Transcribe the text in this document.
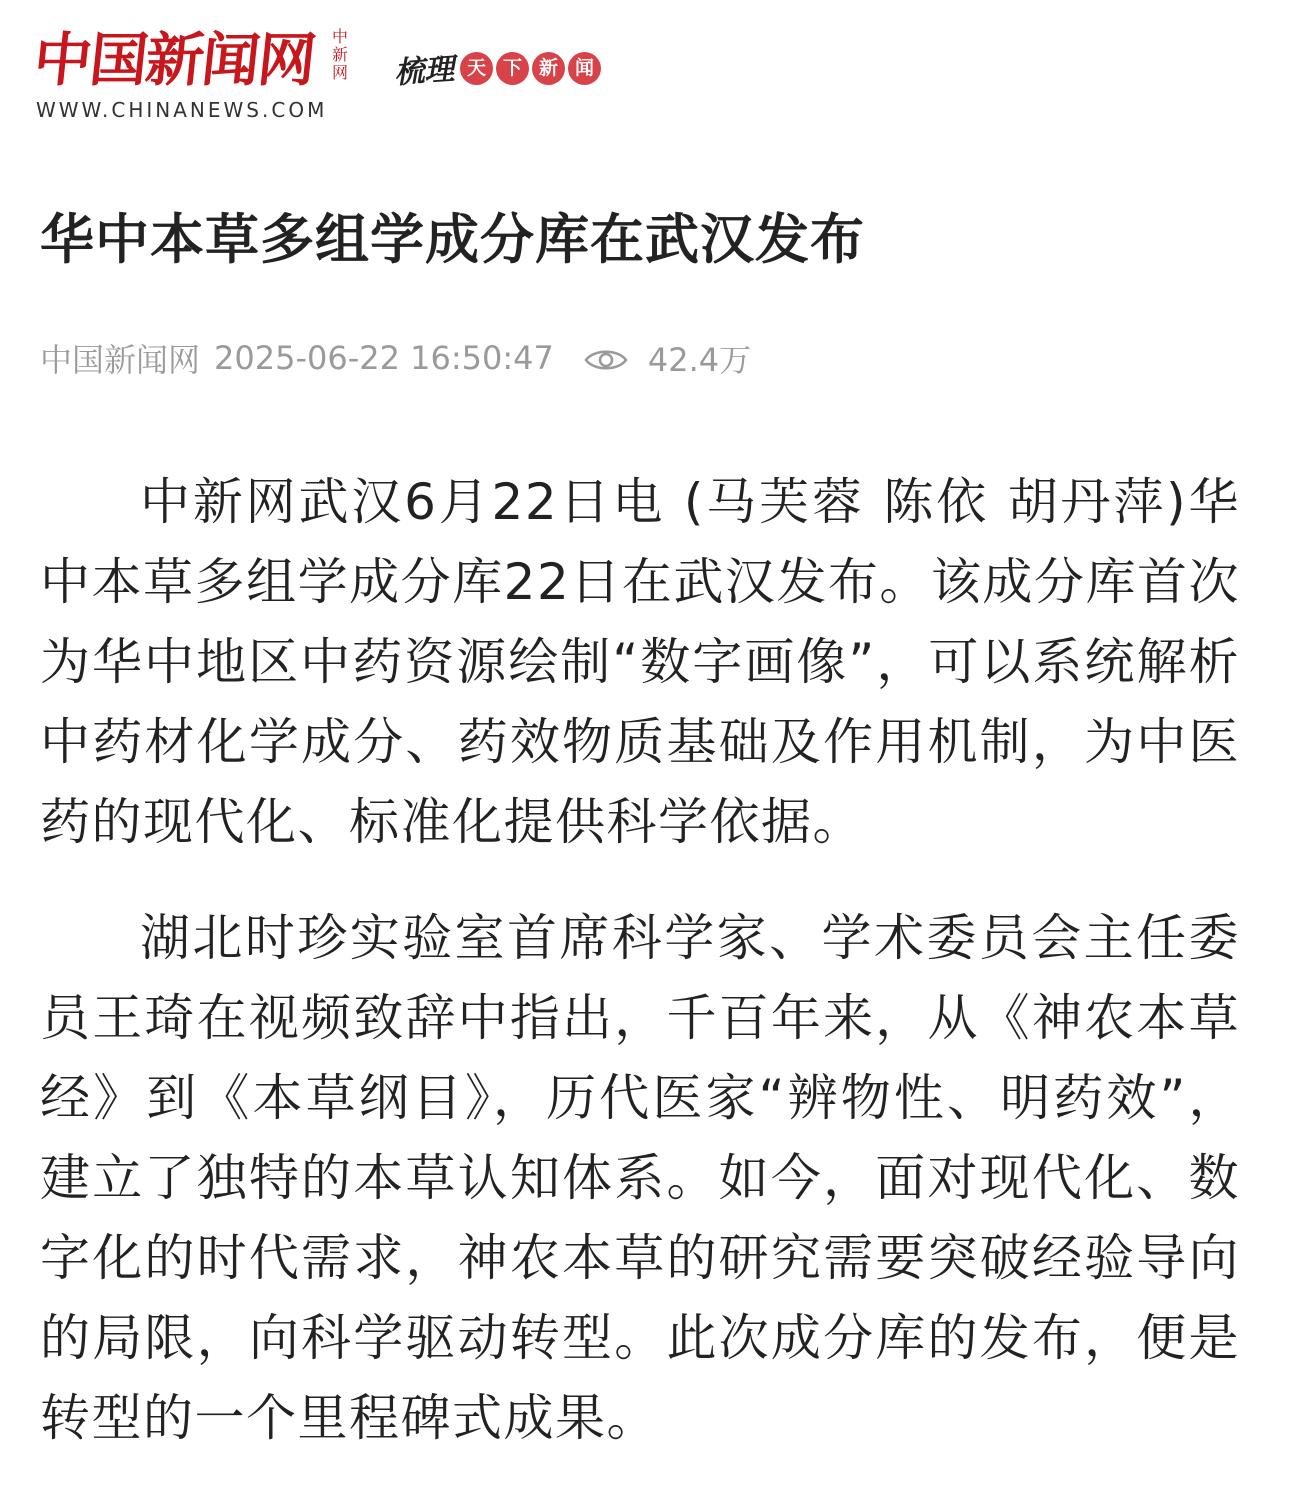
中国新闻网 中
新
网
WWW.CHINANEWS.COM
梳理 天 下 新 闻
华中本草多组学成分库在武汉发布
中国新闻网 2025-06-22 16:50:47	42.4万

中新网武汉6月22日电 (马芙蓉 陈依 胡丹萍)华中本草多组学成分库22日在武汉发布。该成分库首次为华中地区中药资源绘制“数字画像”，可以系统解析中药材化学成分、药效物质基础及作用机制，为中医药的现代化、标准化提供科学依据。

湖北时珍实验室首席科学家、学术委员会主任委员王琦在视频致辞中指出，千百年来，从《神农本草经》到《本草纲目》，历代医家“辨物性、明药效”，建立了独特的本草认知体系。如今，面对现代化、数字化的时代需求，神农本草的研究需要突破经验导向的局限，向科学驱动转型。此次成分库的发布，便是转型的一个里程碑式成果。
